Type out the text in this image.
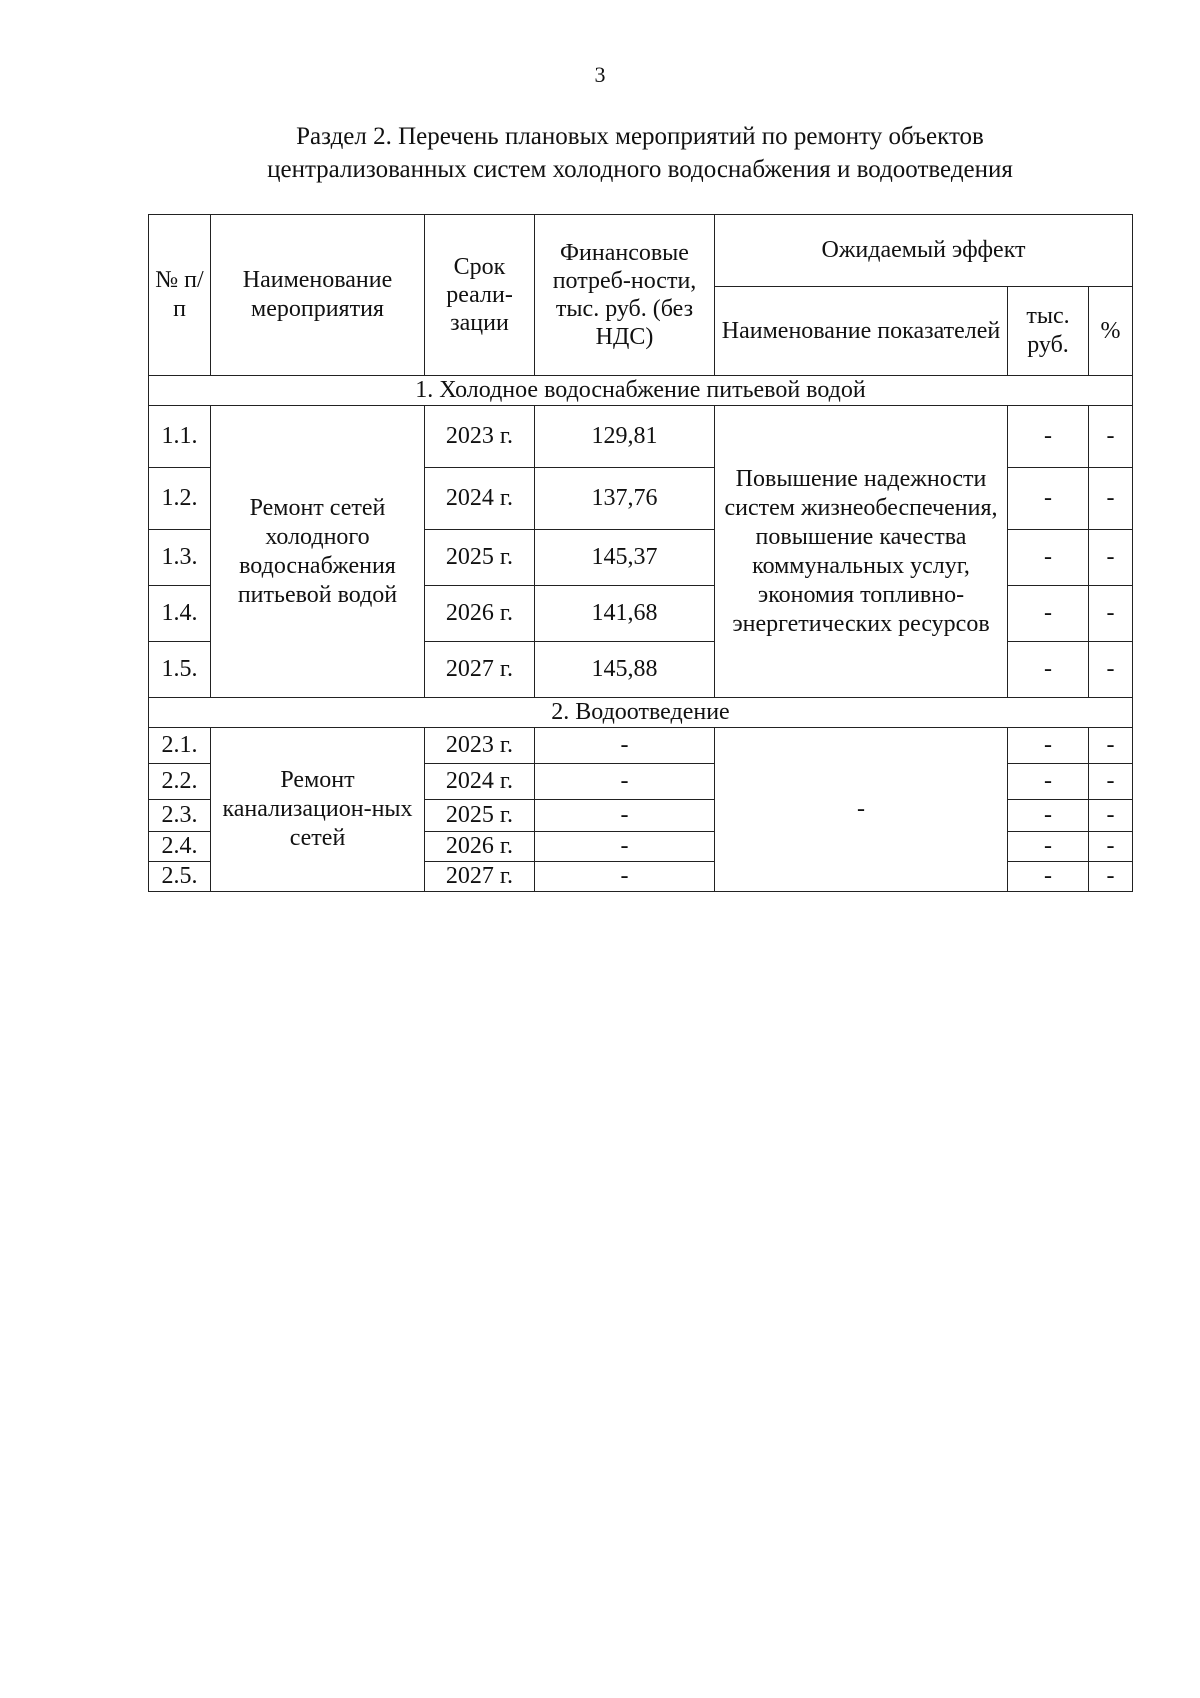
3
Раздел 2. Перечень плановых мероприятий по ремонту объектов
централизованных систем холодного водоснабжения и водоотведения
№ п/п	Наименование мероприятия	Срок реали-зации	Финансовые потреб-ности, тыс. руб. (без НДС)	Ожидаемый эффект		
				Наименование показателей	тыс. руб.	%
1. Холодное водоснабжение питьевой водой						
1.1.	Ремонт сетей холодного водоснабжения питьевой водой	2023 г.	129,81	Повышение надежности систем жизнеобеспечения, повышение качества коммунальных услуг, экономия топливно-энергетических ресурсов	-	-
1.2.		2024 г.	137,76		-	-
1.3.		2025 г.	145,37		-	-
1.4.		2026 г.	141,68		-	-
1.5.		2027 г.	145,88		-	-
2. Водоотведение						
2.1.	Ремонт канализацион-ных сетей	2023 г.	-	-	-	-
2.2.		2024 г.	-		-	-
2.3.		2025 г.	-		-	-
2.4.		2026 г.	-		-	-
2.5.		2027 г.	-		-	-
